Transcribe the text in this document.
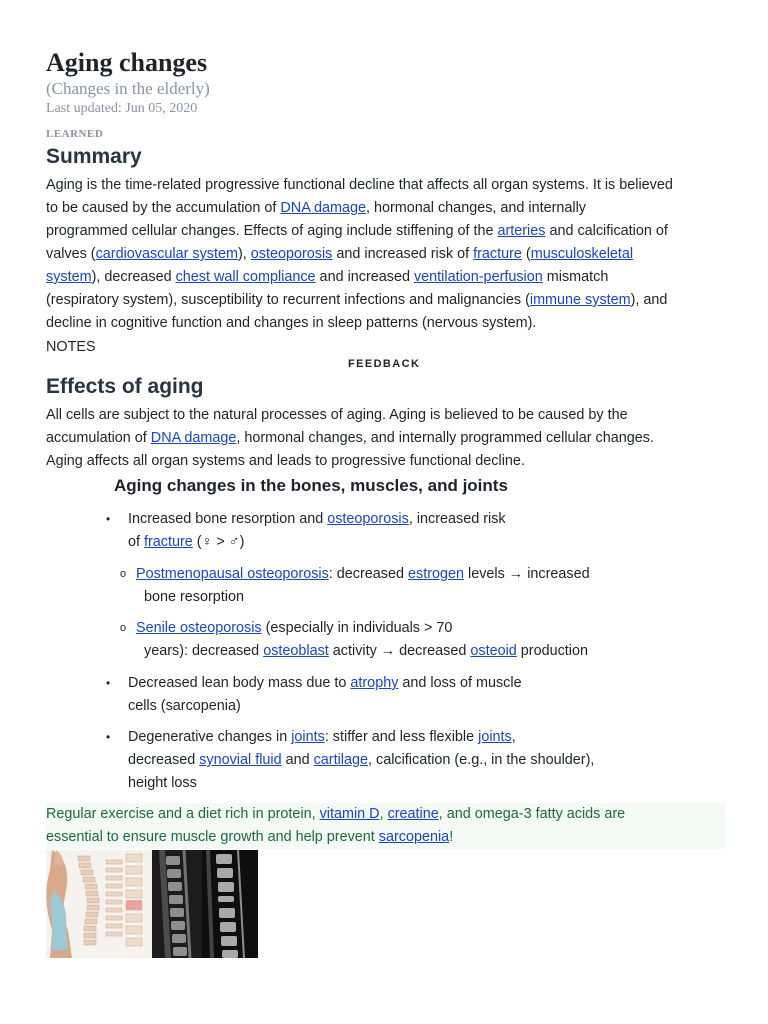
Aging changes
(Changes in the elderly)
Last updated: Jun 05, 2020
LEARNED
Summary
Aging is the time-related progressive functional decline that affects all organ systems. It is believed
to be caused by the accumulation of DNA damage, hormonal changes, and internally
programmed cellular changes. Effects of aging include stiffening of the arteries and calcification of
valves (cardiovascular system), osteoporosis and increased risk of fracture (musculoskeletal
system), decreased chest wall compliance and increased ventilation-perfusion mismatch
(respiratory system), susceptibility to recurrent infections and malignancies (immune system), and
decline in cognitive function and changes in sleep patterns (nervous system).
NOTES
FEEDBACK
Effects of aging
All cells are subject to the natural processes of aging. Aging is believed to be caused by the
accumulation of DNA damage, hormonal changes, and internally programmed cellular changes.
Aging affects all organ systems and leads to progressive functional decline.
Aging changes in the bones, muscles, and joints
• Increased bone resorption and osteoporosis, increased risk
of fracture (♀ > ♂)
o Postmenopausal osteoporosis: decreased estrogen levels → increased
bone resorption
o Senile osteoporosis (especially in individuals > 70
years): decreased osteoblast activity → decreased osteoid production
• Decreased lean body mass due to atrophy and loss of muscle
cells (sarcopenia)
• Degenerative changes in joints: stiffer and less flexible joints,
decreased synovial fluid and cartilage, calcification (e.g., in the shoulder),
height loss
Regular exercise and a diet rich in protein, vitamin D, creatine, and omega-3 fatty acids are
essential to ensure muscle growth and help prevent sarcopenia!
